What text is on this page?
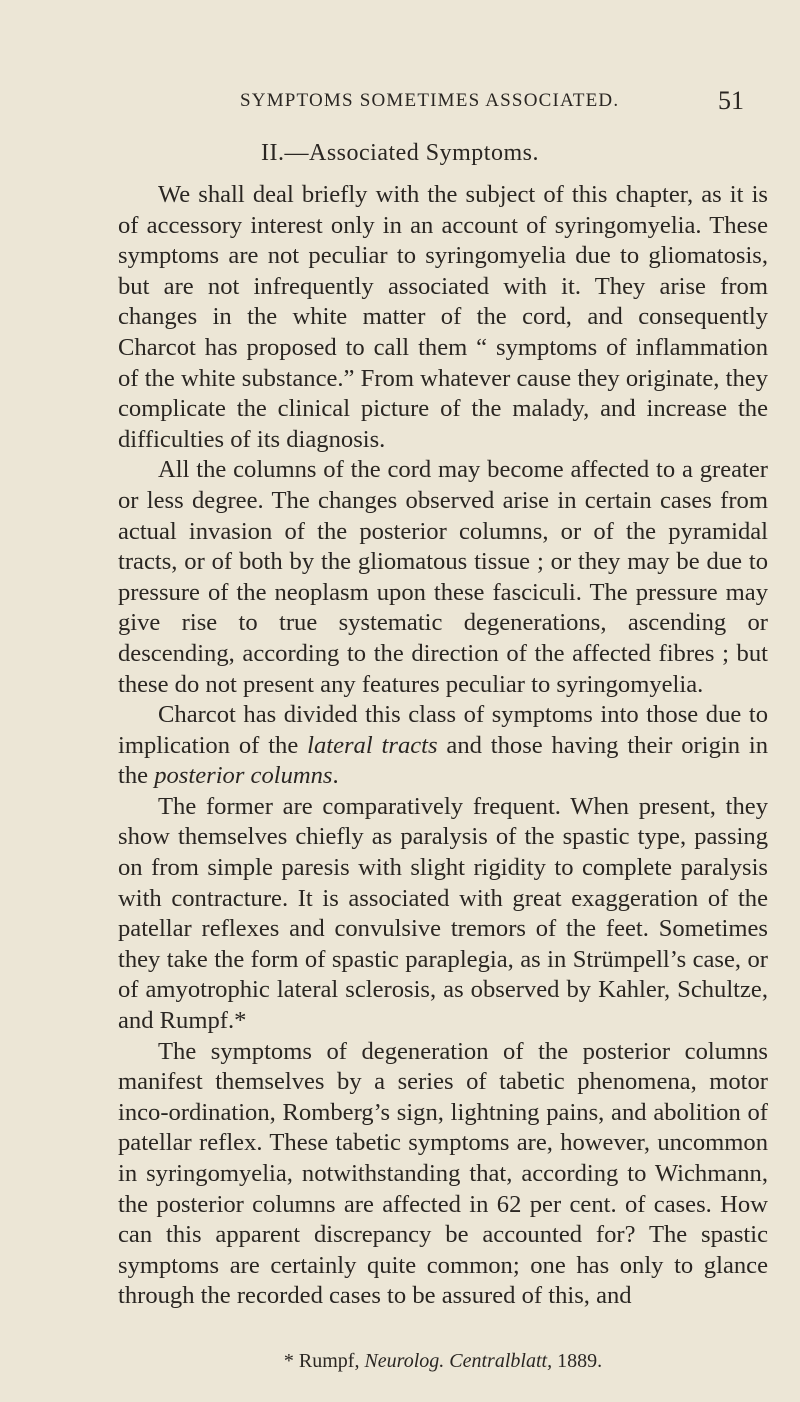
SYMPTOMS SOMETIMES ASSOCIATED.	51
II.—Associated Symptoms.

We shall deal briefly with the subject of this chapter, as it is of accessory interest only in an account of syringomyelia. These symptoms are not peculiar to syringomyelia due to gliomatosis, but are not infrequently associated with it. They arise from changes in the white matter of the cord, and consequently Charcot has proposed to call them “ symptoms of inflammation of the white substance.” From whatever cause they originate, they complicate the clinical picture of the malady, and increase the difficulties of its diagnosis.

All the columns of the cord may become affected to a greater or less degree. The changes observed arise in certain cases from actual invasion of the posterior columns, or of the pyramidal tracts, or of both by the gliomatous tissue ; or they may be due to pressure of the neoplasm upon these fasciculi. The pressure may give rise to true systematic degenerations, ascending or descending, according to the direction of the affected fibres ; but these do not present any features peculiar to syringomyelia.

Charcot has divided this class of symptoms into those due to implication of the lateral tracts and those having their origin in the posterior columns.

The former are comparatively frequent. When present, they show themselves chiefly as paralysis of the spastic type, passing on from simple paresis with slight rigidity to complete paralysis with contracture. It is associated with great exaggeration of the patellar reflexes and convulsive tremors of the feet. Sometimes they take the form of spastic paraplegia, as in Strümpell’s case, or of amyotrophic lateral sclerosis, as observed by Kahler, Schultze, and Rumpf.*

The symptoms of degeneration of the posterior columns manifest themselves by a series of tabetic phenomena, motor inco-ordination, Romberg’s sign, lightning pains, and abolition of patellar reflex. These tabetic symptoms are, however, uncommon in syringomyelia, notwithstanding that, according to Wichmann, the posterior columns are affected in 62 per cent. of cases. How can this apparent discrepancy be accounted for? The spastic symptoms are certainly quite common; one has only to glance through the recorded cases to be assured of this, and

* Rumpf, Neurolog. Centralblatt, 1889.
